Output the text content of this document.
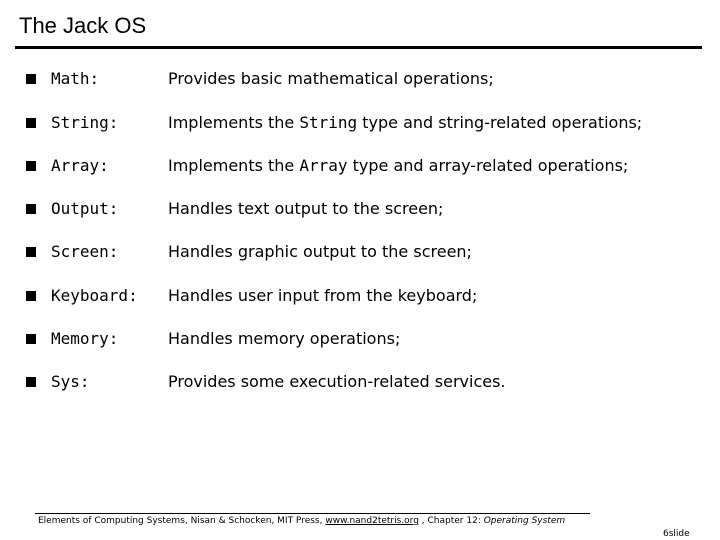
The Jack OS
Math:	Provides basic mathematical operations;
String:	Implements the String type and string-related operations;
Array:	Implements the Array type and array-related operations;
Output:	Handles text output to the screen;
Screen:	Handles graphic output to the screen;
Keyboard: Handles user input from the keyboard;
Memory:	Handles memory operations;
Sys:	Provides some execution-related services.
Elements of Computing Systems, Nisan & Schocken, MIT Press, www.nand2tetris.org , Chapter 12: Operating System
6slide
